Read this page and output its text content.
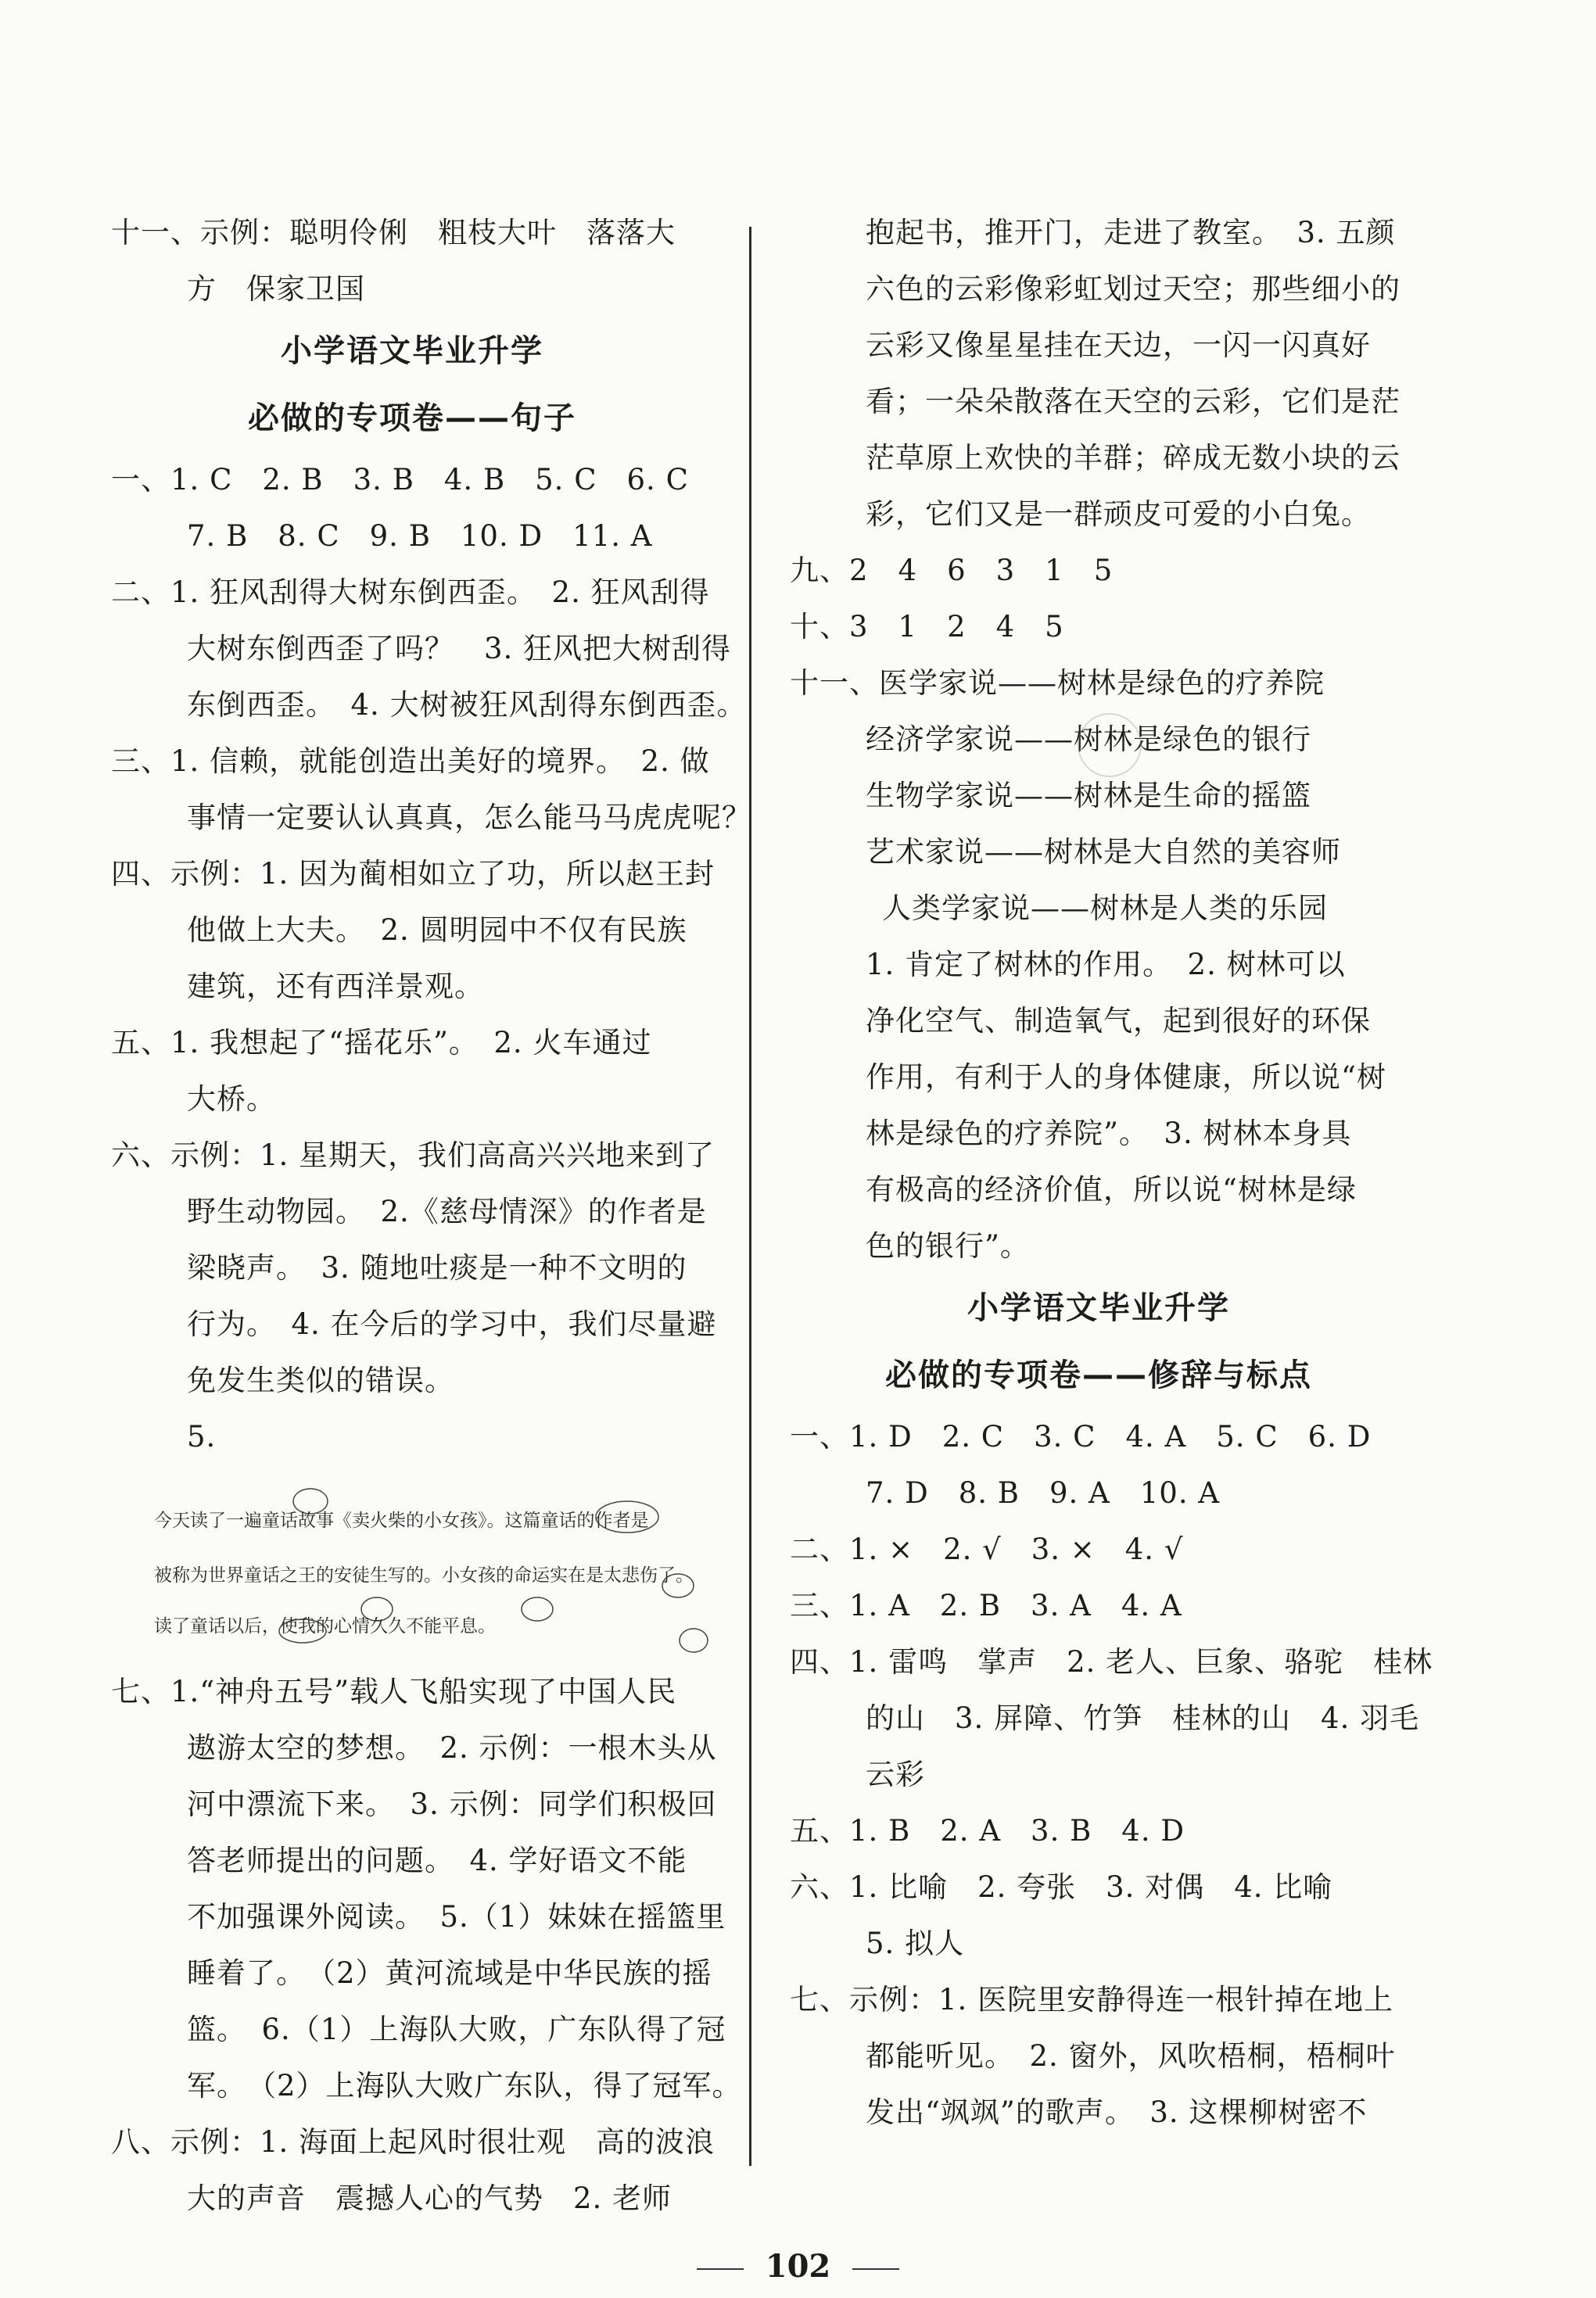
十一、示例：聪明伶俐　粗枝大叶　落落大
方　保家卫国
小学语文毕业升学
必做的专项卷——句子
一、1. C　2. B　3. B　4. B　5. C　6. C
7. B　8. C　9. B　10. D　11. A
二、1. 狂风刮得大树东倒西歪。　2. 狂风刮得
大树东倒西歪了吗？　3. 狂风把大树刮得
东倒西歪。　4. 大树被狂风刮得东倒西歪。
三、1. 信赖，就能创造出美好的境界。　2. 做
事情一定要认认真真，怎么能马马虎虎呢？
四、示例：1. 因为蔺相如立了功，所以赵王封
他做上大夫。　2. 圆明园中不仅有民族
建筑，还有西洋景观。
五、1. 我想起了“摇花乐”。　2. 火车通过
大桥。
六、示例：1. 星期天，我们高高兴兴地来到了
野生动物园。　2.《慈母情深》的作者是
梁晓声。　3. 随地吐痰是一种不文明的
行为。　4. 在今后的学习中，我们尽量避
免发生类似的错误。
5.
今天读了一遍童话故事《卖火柴的小女孩》。这篇童话的作者是
被称为世界童话之王的安徒生写的。小女孩的命运实在是太悲伤了。
读了童话以后，使我的心情久久不能平息。
七、1.“神舟五号”载人飞船实现了中国人民
遨游太空的梦想。　2. 示例：一根木头从
河中漂流下来。　3. 示例：同学们积极回
答老师提出的问题。　4. 学好语文不能
不加强课外阅读。　5.（1）妹妹在摇篮里
睡着了。　（2）黄河流域是中华民族的摇
篮。　6.（1）上海队大败，广东队得了冠
军。　（2）上海队大败广东队，得了冠军。
八、示例：1. 海面上起风时很壮观　高的波浪
大的声音　震撼人心的气势　2. 老师
抱起书，推开门，走进了教室。　3. 五颜
六色的云彩像彩虹划过天空；那些细小的
云彩又像星星挂在天边，一闪一闪真好
看；一朵朵散落在天空的云彩，它们是茫
茫草原上欢快的羊群；碎成无数小块的云
彩，它们又是一群顽皮可爱的小白兔。
九、2　4　6　3　1　5
十、3　1　2　4　5
十一、医学家说——树林是绿色的疗养院
经济学家说——树林是绿色的银行
生物学家说——树林是生命的摇篮
艺术家说——树林是大自然的美容师
人类学家说——树林是人类的乐园
1. 肯定了树林的作用。　2. 树林可以
净化空气、制造氧气，起到很好的环保
作用，有利于人的身体健康，所以说“树
林是绿色的疗养院”。　3. 树林本身具
有极高的经济价值，所以说“树林是绿
色的银行”。
小学语文毕业升学
必做的专项卷——修辞与标点
一、1. D　2. C　3. C　4. A　5. C　6. D
7. D　8. B　9. A　10. A
二、1. ×　2. √　3. ×　4. √
三、1. A　2. B　3. A　4. A
四、1. 雷鸣　掌声　2. 老人、巨象、骆驼　桂林
的山　3. 屏障、竹笋　桂林的山　4. 羽毛
云彩
五、1. B　2. A　3. B　4. D
六、1. 比喻　2. 夸张　3. 对偶　4. 比喻
5. 拟人
七、示例：1. 医院里安静得连一根针掉在地上
都能听见。　2. 窗外，风吹梧桐，梧桐叶
发出“飒飒”的歌声。　3. 这棵柳树密不
102
